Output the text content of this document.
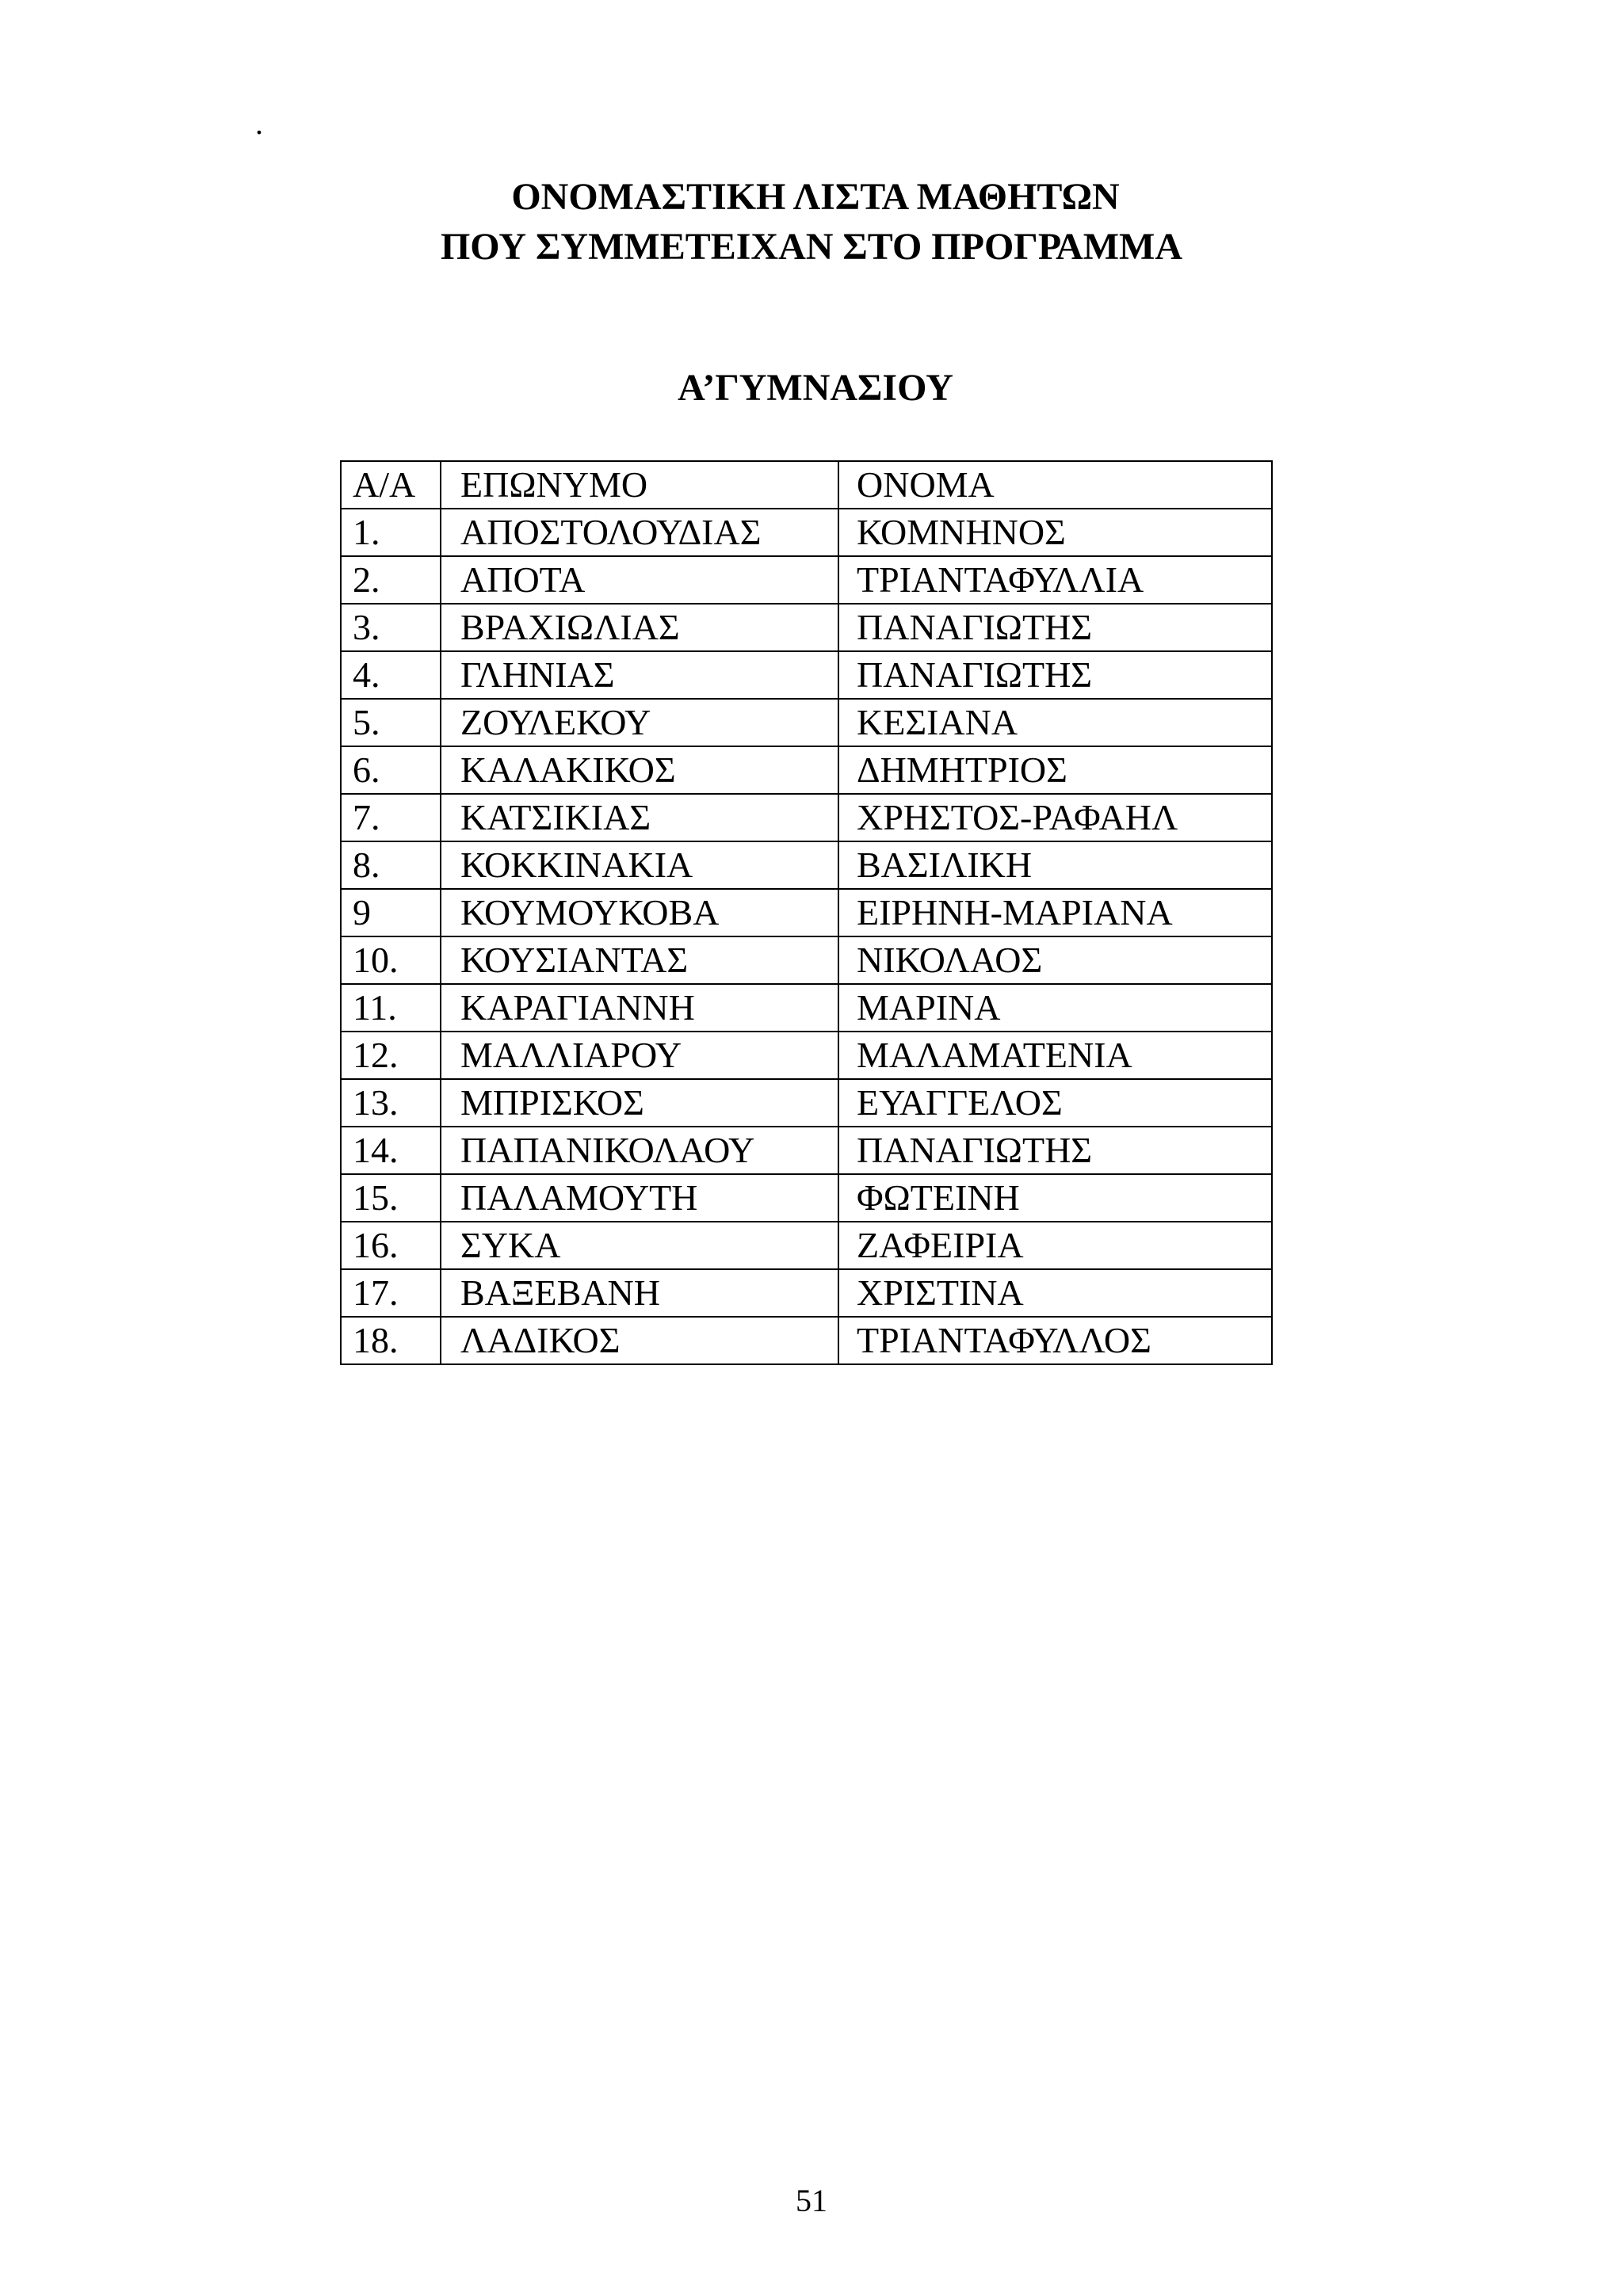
.
ΟΝΟΜΑΣΤΙΚΗ ΛΙΣΤΑ ΜΑΘΗΤΩΝ
ΠΟΥ ΣΥΜΜΕΤΕΙΧΑΝ ΣΤΟ ΠΡΟΓΡΑΜΜΑ
Α’ΓΥΜΝΑΣΙΟΥ
Α/Α	ΕΠΩΝΥΜΟ	ΟΝΟΜΑ
1.	ΑΠΟΣΤΟΛΟΥΔΙΑΣ	ΚΟΜΝΗΝΟΣ
2.	ΑΠΟΤΑ	ΤΡΙΑΝΤΑΦΥΛΛΙΑ
3.	ΒΡΑΧΙΩΛΙΑΣ	ΠΑΝΑΓΙΩΤΗΣ
4.	ΓΛΗΝΙΑΣ	ΠΑΝΑΓΙΩΤΗΣ
5.	ΖΟΥΛΕΚΟΥ	ΚΕΣΙΑΝΑ
6.	ΚΑΛΑΚΙΚΟΣ	ΔΗΜΗΤΡΙΟΣ
7.	ΚΑΤΣΙΚΙΑΣ	ΧΡΗΣΤΟΣ-ΡΑΦΑΗΛ
8.	ΚΟΚΚΙΝΑΚΙΑ	ΒΑΣΙΛΙΚΗ
9	ΚΟΥΜΟΥΚΟΒΑ	ΕΙΡΗΝΗ-ΜΑΡΙΑΝΑ
10.	ΚΟΥΣΙΑΝΤΑΣ	ΝΙΚΟΛΑΟΣ
11.	ΚΑΡΑΓΙΑΝΝΗ	ΜΑΡΙΝΑ
12.	ΜΑΛΛΙΑΡΟΥ	ΜΑΛΑΜΑΤΕΝΙΑ
13.	ΜΠΡΙΣΚΟΣ	ΕΥΑΓΓΕΛΟΣ
14.	ΠΑΠΑΝΙΚΟΛΑΟΥ	ΠΑΝΑΓΙΩΤΗΣ
15.	ΠΑΛΑΜΟΥΤΗ	ΦΩΤΕΙΝΗ
16.	ΣΥΚΑ	ΖΑΦΕΙΡΙΑ
17.	ΒΑΞΕΒΑΝΗ	ΧΡΙΣΤΙΝΑ
18.	ΛΑΔΙΚΟΣ	ΤΡΙΑΝΤΑΦΥΛΛΟΣ
51
